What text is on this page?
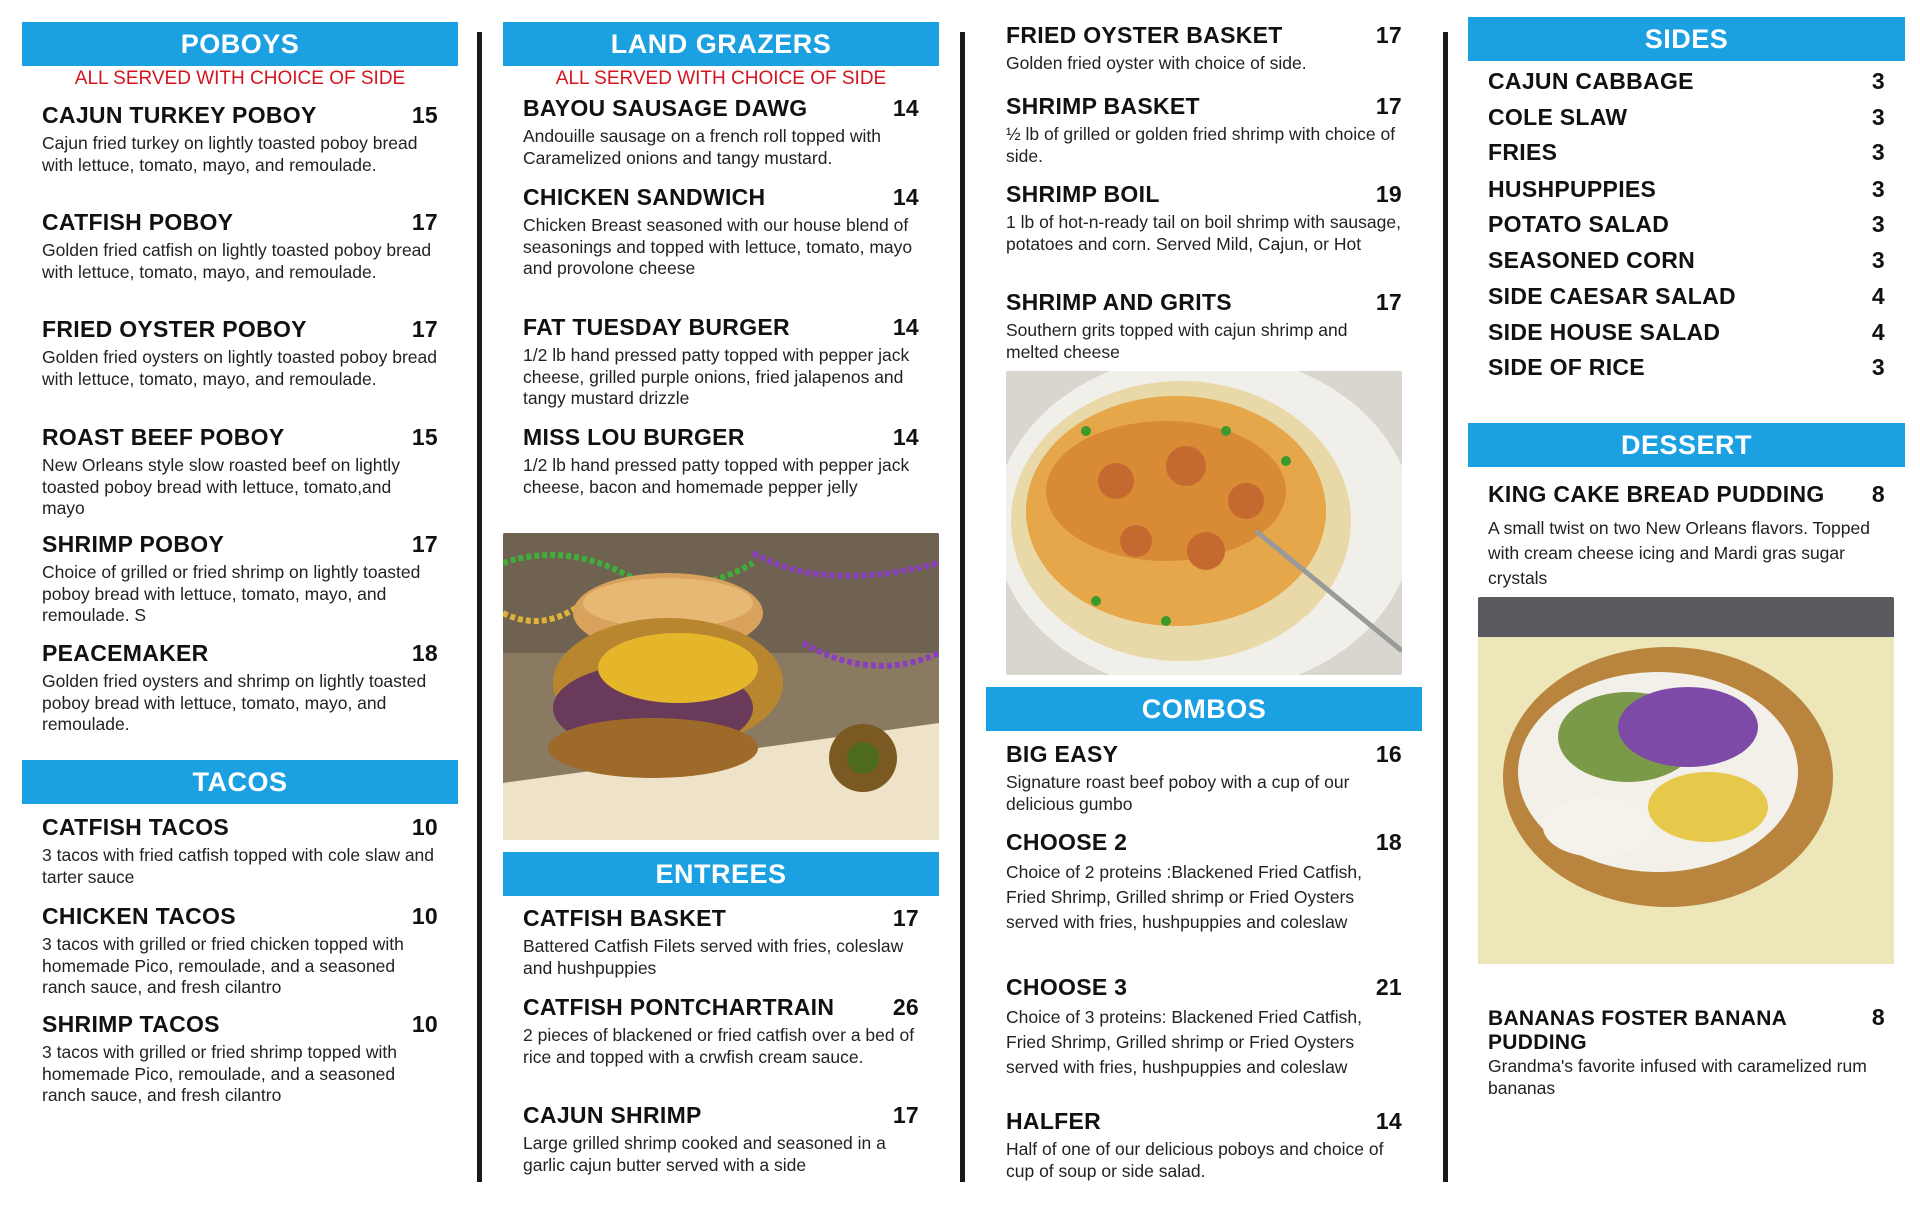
POBOYS
ALL SERVED WITH CHOICE OF SIDE
CAJUN TURKEY POBOY	15
Cajun fried turkey on lightly toasted poboy bread with lettuce, tomato, mayo, and remoulade.
CATFISH POBOY	17
Golden fried catfish on lightly toasted poboy bread with lettuce, tomato, mayo, and remoulade.
FRIED OYSTER POBOY	17
Golden fried oysters on lightly toasted poboy bread with lettuce, tomato, mayo, and remoulade.
ROAST BEEF POBOY	15
New Orleans style slow roasted beef on lightly toasted poboy bread with lettuce, tomato,and mayo
SHRIMP POBOY	17
Choice of grilled or fried shrimp on lightly toasted poboy bread with lettuce, tomato, mayo, and remoulade. S
PEACEMAKER	18
Golden fried oysters and shrimp on lightly toasted poboy bread with lettuce, tomato, mayo, and remoulade.
TACOS
CATFISH TACOS	10
3 tacos with fried catfish topped with cole slaw and tarter sauce
CHICKEN TACOS	10
3 tacos with grilled or fried chicken topped with homemade Pico, remoulade, and a seasoned ranch sauce, and fresh cilantro
SHRIMP TACOS	10
3 tacos with grilled or fried shrimp topped with homemade Pico, remoulade, and a seasoned ranch sauce, and fresh cilantro
LAND GRAZERS
ALL SERVED WITH CHOICE OF SIDE
BAYOU SAUSAGE DAWG	14
Andouille sausage on a french roll topped with Caramelized onions and tangy mustard.
CHICKEN SANDWICH	14
Chicken Breast seasoned with our house blend of seasonings and topped with lettuce, tomato, mayo and provolone cheese
FAT TUESDAY BURGER	14
1/2 lb hand pressed patty topped with pepper jack cheese, grilled purple onions, fried jalapenos and tangy mustard drizzle
MISS LOU BURGER	14
1/2 lb hand pressed patty topped with pepper jack cheese, bacon and homemade pepper jelly
ENTREES
CATFISH BASKET	17
Battered Catfish Filets served with fries, coleslaw and hushpuppies
CATFISH PONTCHARTRAIN	26
2 pieces of blackened or fried catfish over a bed of rice and topped with a crwfish cream sauce.
CAJUN SHRIMP	17
Large grilled shrimp cooked and seasoned in a garlic cajun butter served with a side
FRIED OYSTER BASKET	17
Golden fried oyster with choice of side.
SHRIMP BASKET	17
½ lb of grilled or golden fried shrimp with choice of side.
SHRIMP BOIL	19
1 lb of hot-n-ready tail on boil shrimp with sausage, potatoes and corn. Served Mild, Cajun, or Hot
SHRIMP AND GRITS	17
Southern grits topped with cajun shrimp and melted cheese
COMBOS
BIG EASY	16
Signature roast beef poboy with a cup of our delicious gumbo
CHOOSE 2	18
Choice of 2 proteins :Blackened Fried Catfish, Fried Shrimp, Grilled shrimp or Fried Oysters served with fries, hushpuppies and coleslaw
CHOOSE 3	21
Choice of 3 proteins: Blackened Fried Catfish, Fried Shrimp, Grilled shrimp or Fried Oysters served with fries, hushpuppies and coleslaw
HALFER	14
Half of one of our delicious poboys and choice of cup of soup or side salad.
SIDES
CAJUN CABBAGE	3
COLE SLAW	3
FRIES	3
HUSHPUPPIES	3
POTATO SALAD	3
SEASONED CORN	3
SIDE CAESAR SALAD	4
SIDE HOUSE SALAD	4
SIDE OF RICE	3
DESSERT
KING CAKE BREAD PUDDING 8
A small twist on two New Orleans flavors. Topped with cream cheese icing and Mardi gras sugar crystals
BANANAS FOSTER BANANA PUDDING
8
Grandma's favorite infused with caramelized rum bananas
